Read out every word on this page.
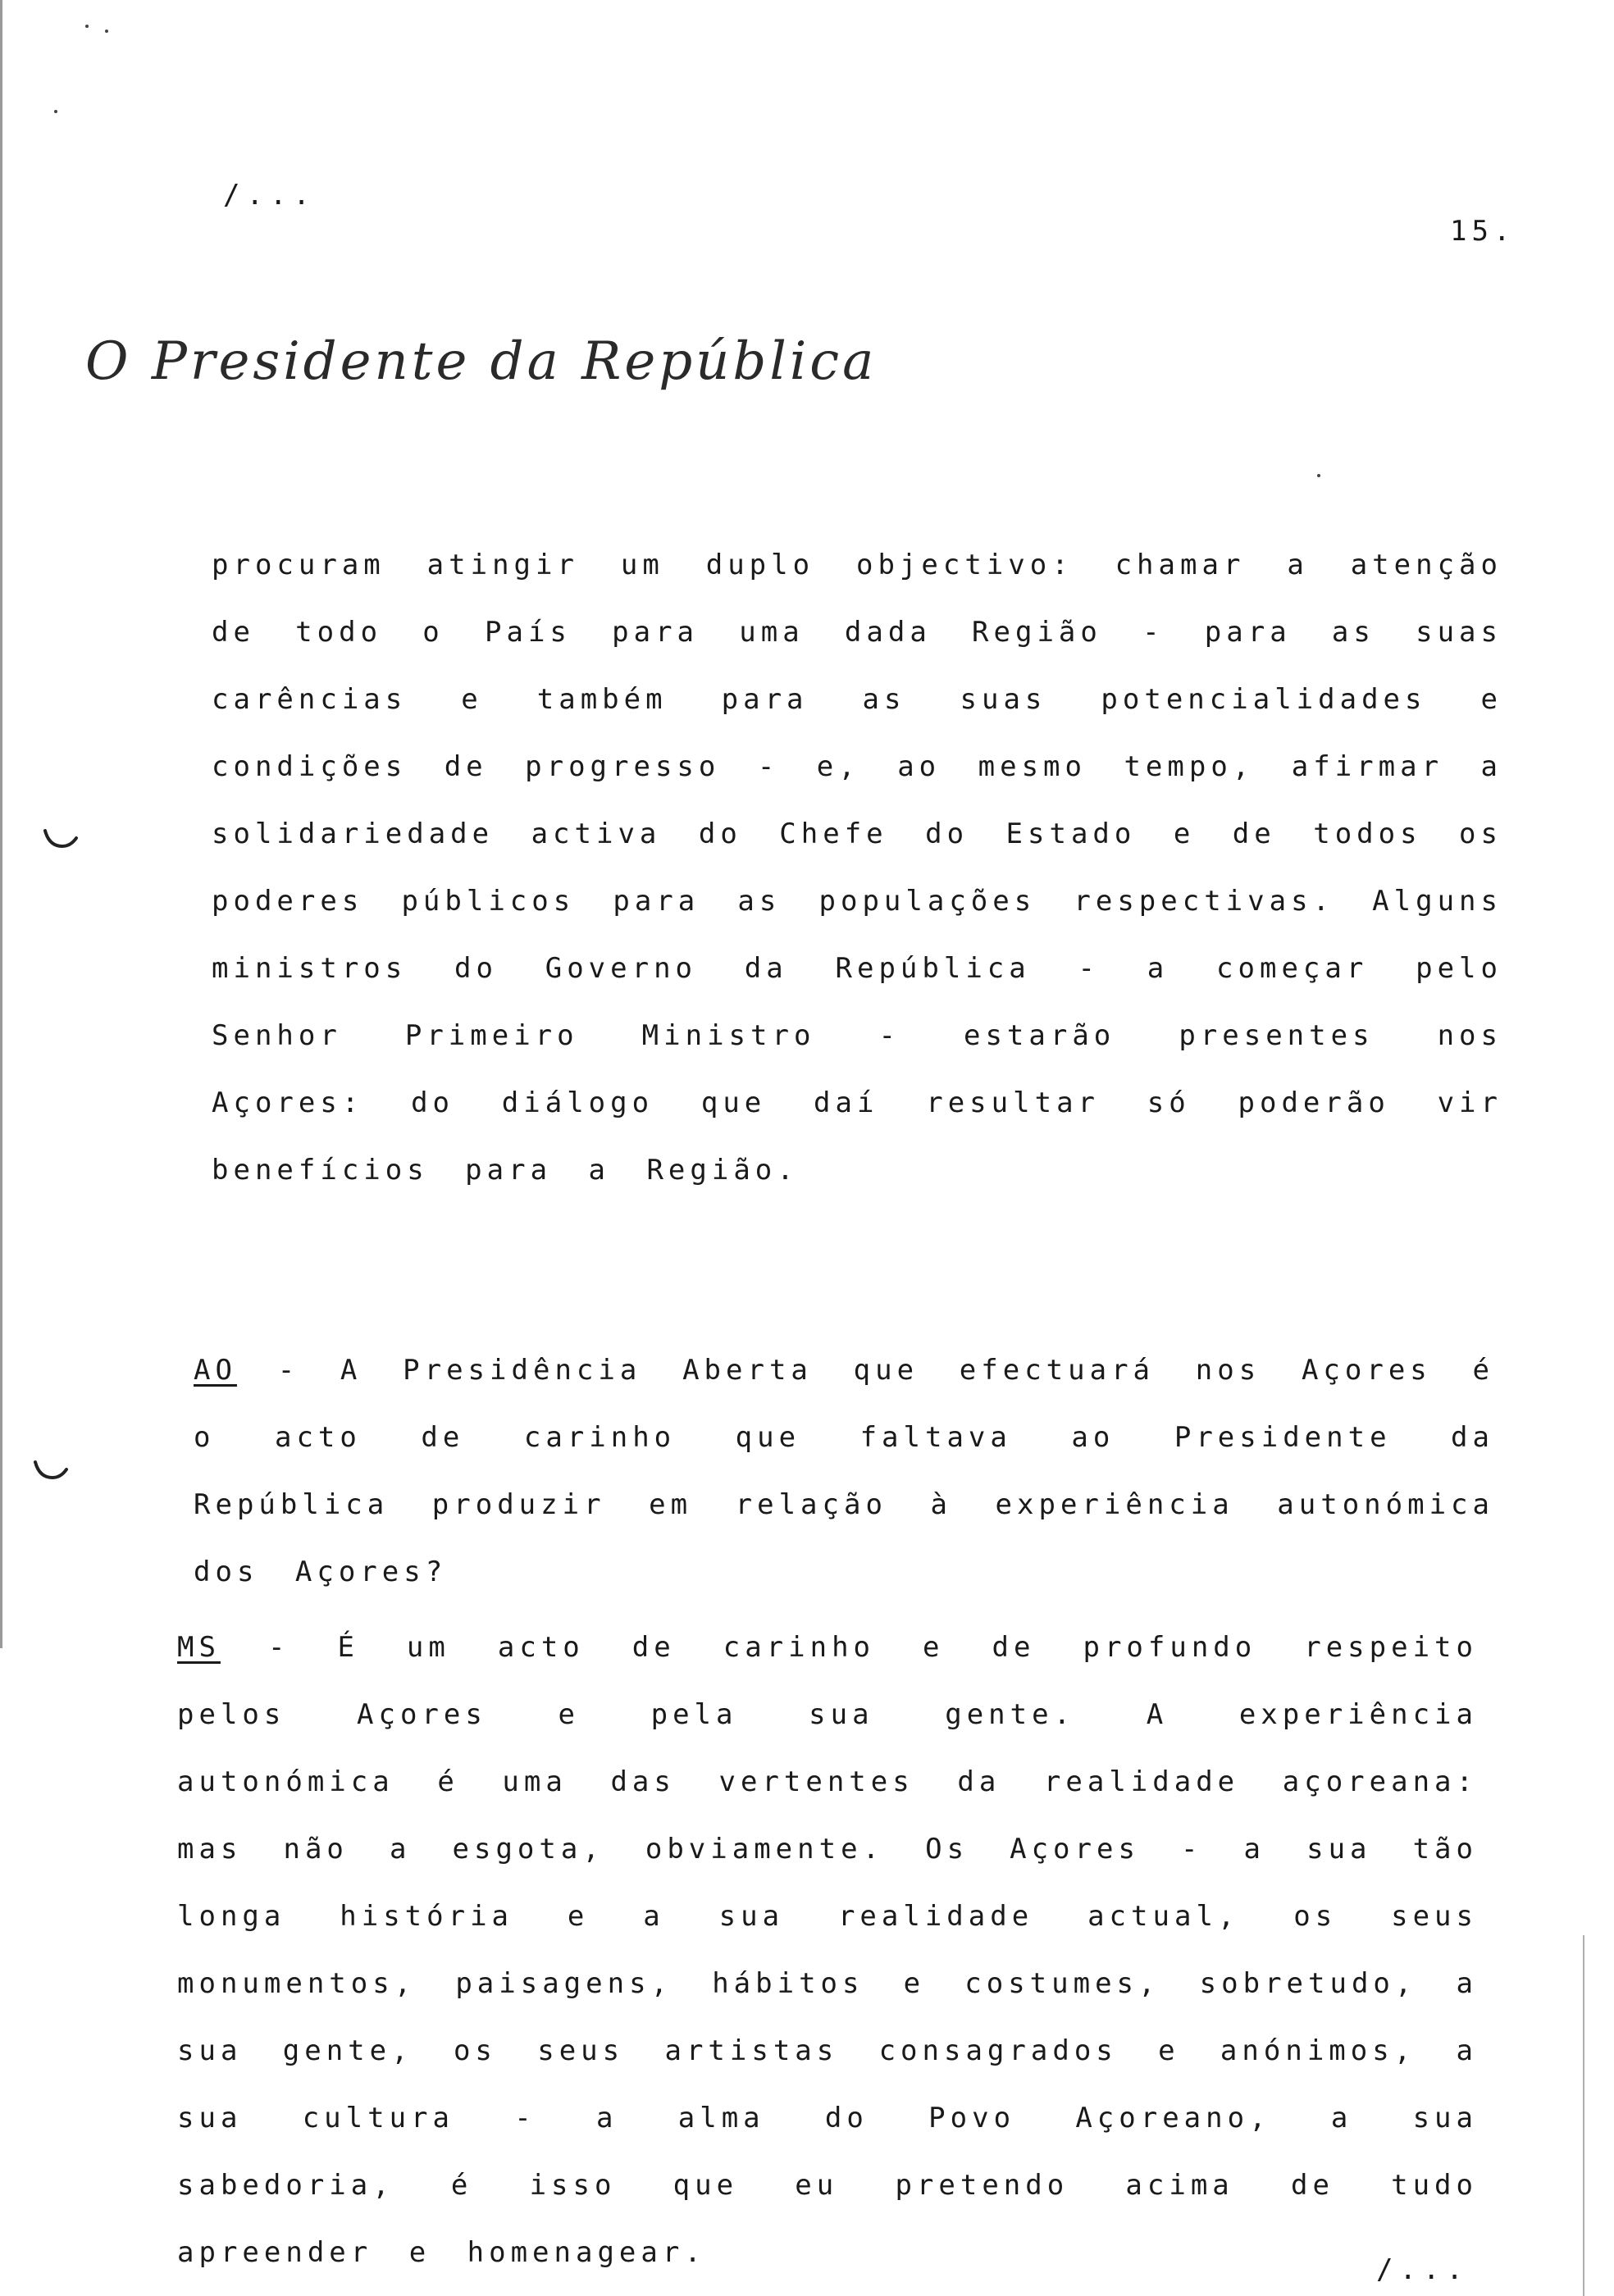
/...
15.
O Presidente da República

procuram atingir um duplo objectivo: chamar a atenção de todo o País para uma dada Região - para as suas carências e também para as suas potencialidades e condições de progresso - e, ao mesmo tempo, afirmar a solidariedade activa do Chefe do Estado e de todos os poderes públicos para as populações respectivas. Alguns ministros do Governo da República - a começar pelo Senhor Primeiro Ministro - estarão presentes nos Açores: do diálogo que daí resultar só poderão vir benefícios para a Região.

AO - A Presidência Aberta que efectuará nos Açores é o acto de carinho que faltava ao Presidente da República produzir em relação à experiência autonómica dos Açores?

MS - É um acto de carinho e de profundo respeito pelos Açores e pela sua gente. A experiência autonómica é uma das vertentes da realidade açoreana: mas não a esgota, obviamente. Os Açores - a sua tão longa história e a sua realidade actual, os seus monumentos, paisagens, hábitos e costumes, sobretudo, a sua gente, os seus artistas consagrados e anónimos, a sua cultura - a alma do Povo Açoreano, a sua sabedoria, é isso que eu pretendo acima de tudo apreender e homenagear.

/...
